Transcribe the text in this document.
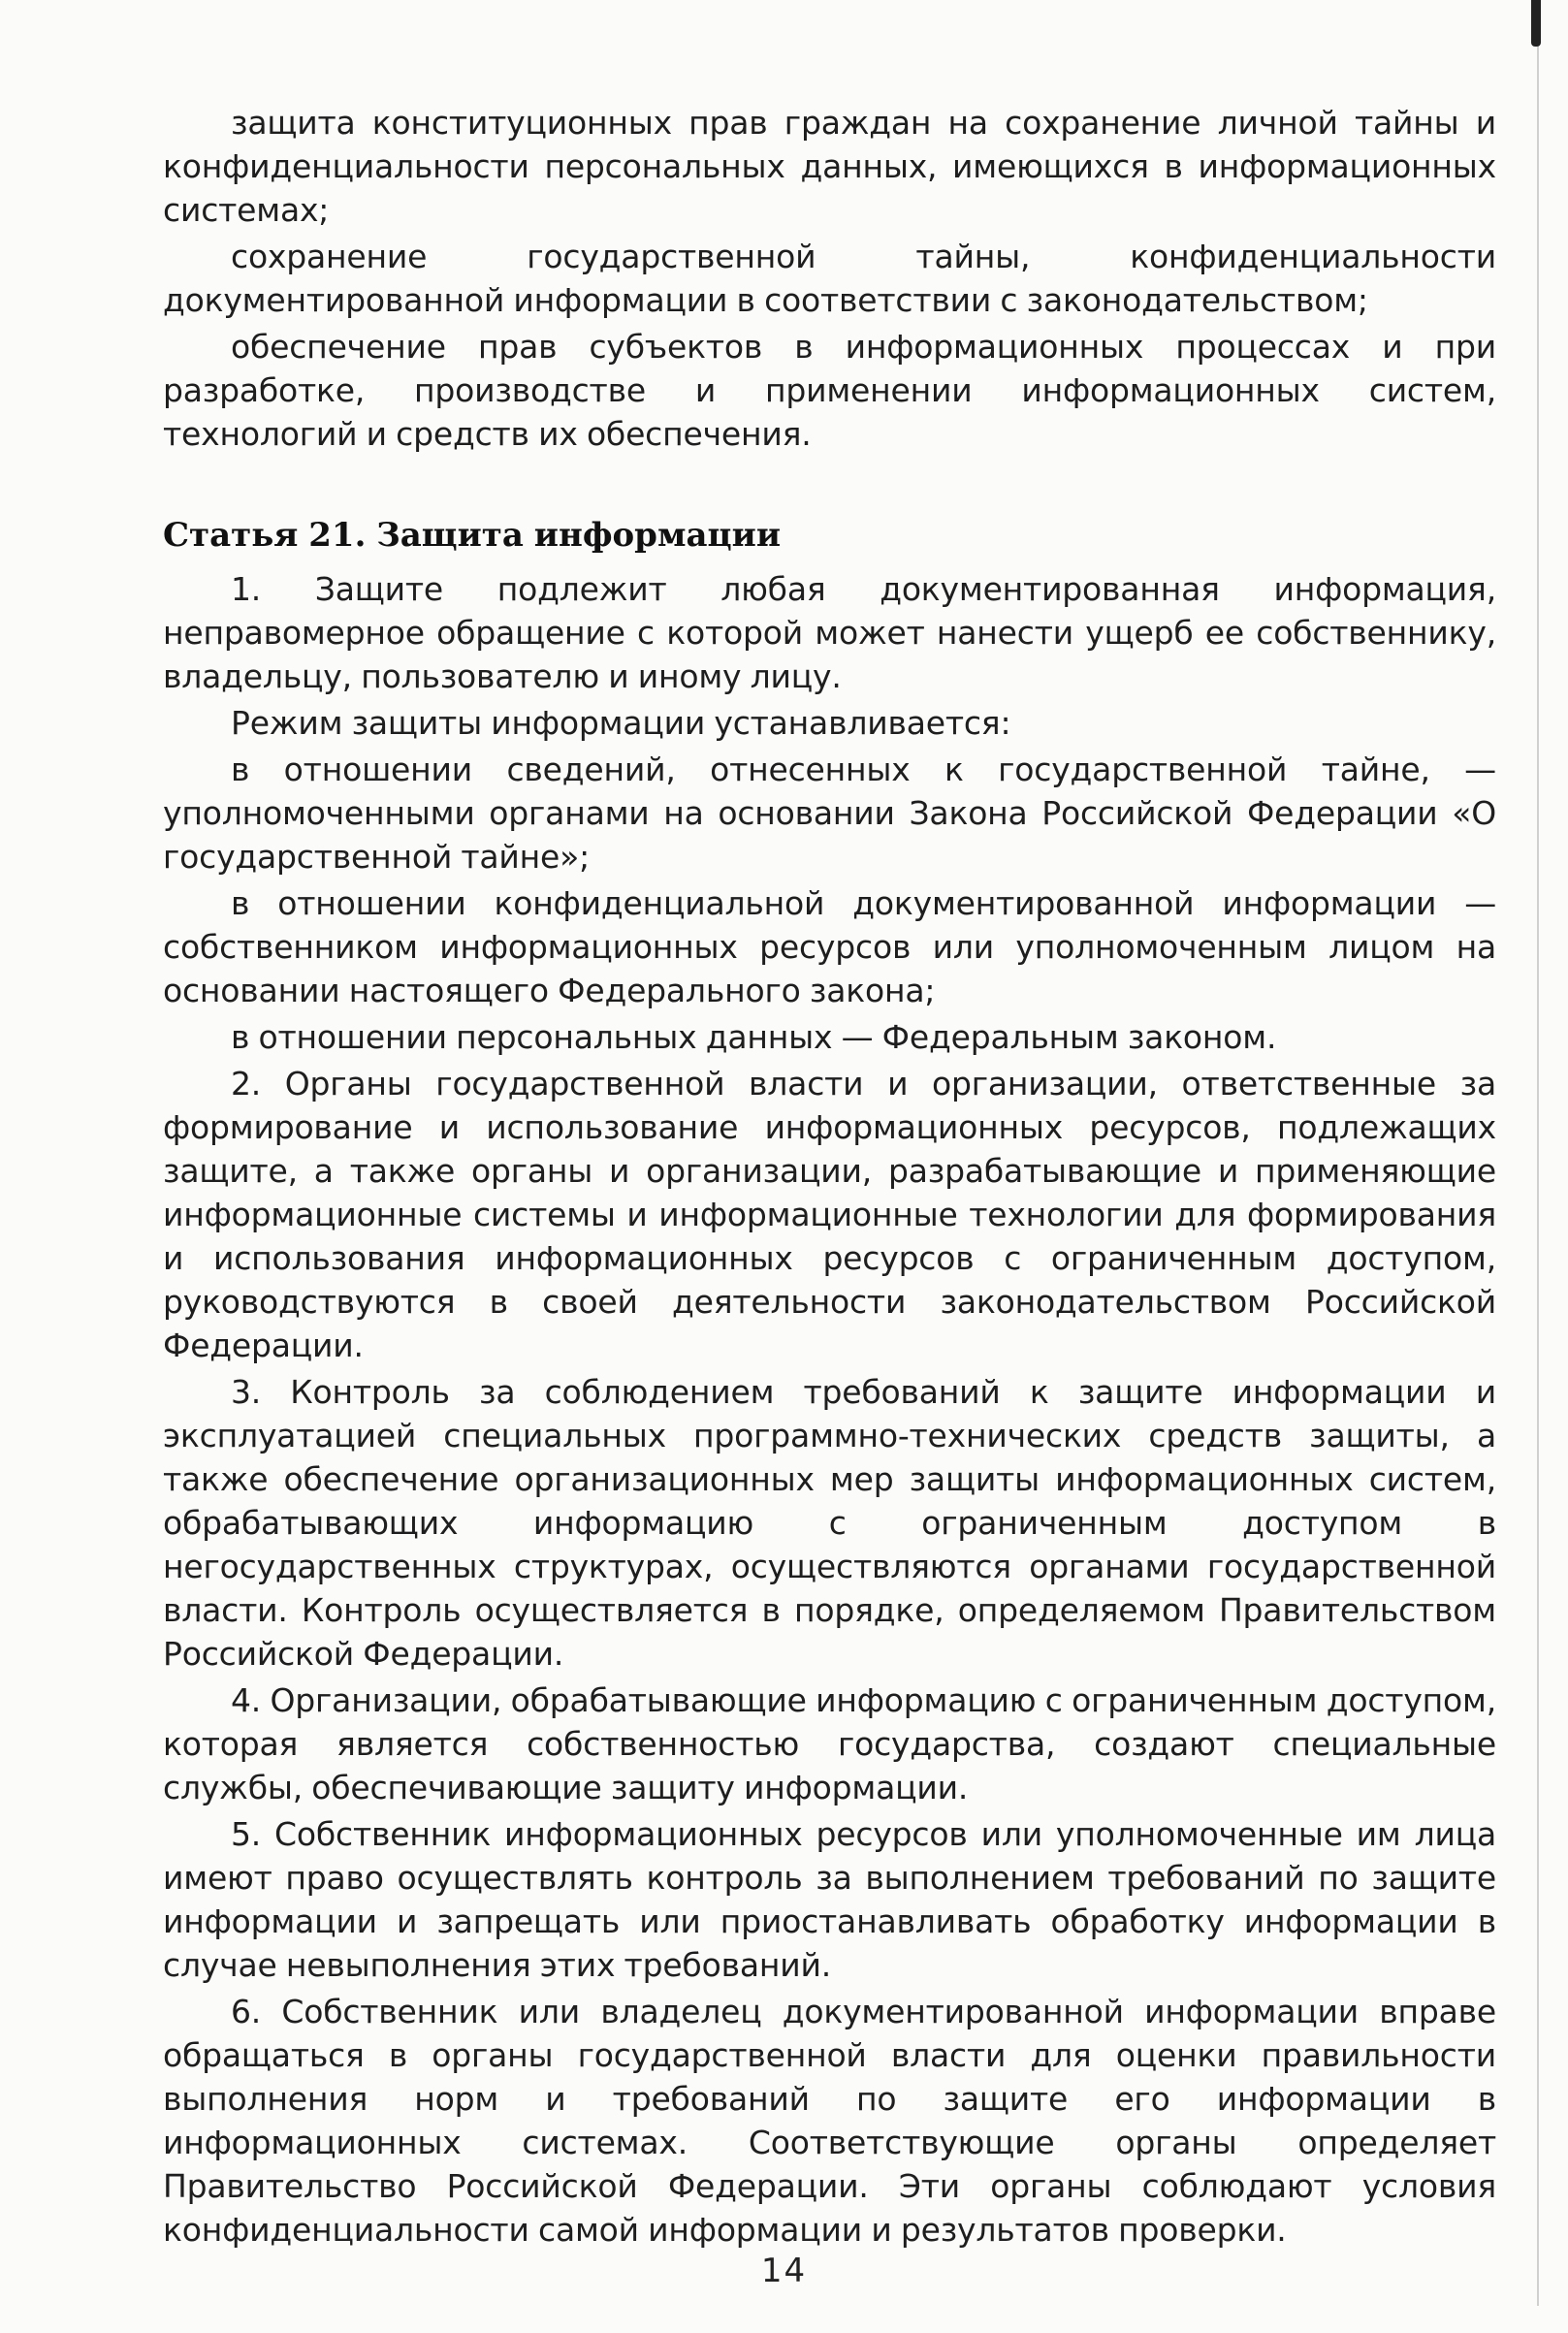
защита конституционных прав граждан на сохранение личной тайны и конфиденциальности персональных данных, имеющихся в информационных системах;

сохранение государственной тайны, конфиденциальности документированной информации в соответствии с законодательством;

обеспечение прав субъектов в информационных процессах и при разработке, производстве и применении информационных систем, технологий и средств их обеспечения.

Статья 21. Защита информации

1. Защите подлежит любая документированная информация, неправомерное обращение с которой может нанести ущерб ее собственнику, владельцу, пользователю и иному лицу.

Режим защиты информации устанавливается:

в отношении сведений, отнесенных к государственной тайне, — уполномоченными органами на основании Закона Российской Федерации «О государственной тайне»;

в отношении конфиденциальной документированной информации — собственником информационных ресурсов или уполномоченным лицом на основании настоящего Федерального закона;

в отношении персональных данных — Федеральным законом.

2. Органы государственной власти и организации, ответственные за формирование и использование информационных ресурсов, подлежащих защите, а также органы и организации, разрабатывающие и применяющие информационные системы и информационные технологии для формирования и использования информационных ресурсов с ограниченным доступом, руководствуются в своей деятельности законодательством Российской Федерации.

3. Контроль за соблюдением требований к защите информации и эксплуатацией специальных программно-технических средств защиты, а также обеспечение организационных мер защиты информационных систем, обрабатывающих информацию с ограниченным доступом в негосударственных структурах, осуществляются органами государственной власти. Контроль осуществляется в порядке, определяемом Правительством Российской Федерации.

4. Организации, обрабатывающие информацию с ограниченным доступом, которая является собственностью государства, создают специальные службы, обеспечивающие защиту информации.

5. Собственник информационных ресурсов или уполномоченные им лица имеют право осуществлять контроль за выполнением требований по защите информации и запрещать или приостанавливать обработку информации в случае невыполнения этих требований.

6. Собственник или владелец документированной информации вправе обращаться в органы государственной власти для оценки правильности выполнения норм и требований по защите его информации в информационных системах. Соответствующие органы определяет Правительство Российской Федерации. Эти органы соблюдают условия конфиденциальности самой информации и результатов проверки.

14
